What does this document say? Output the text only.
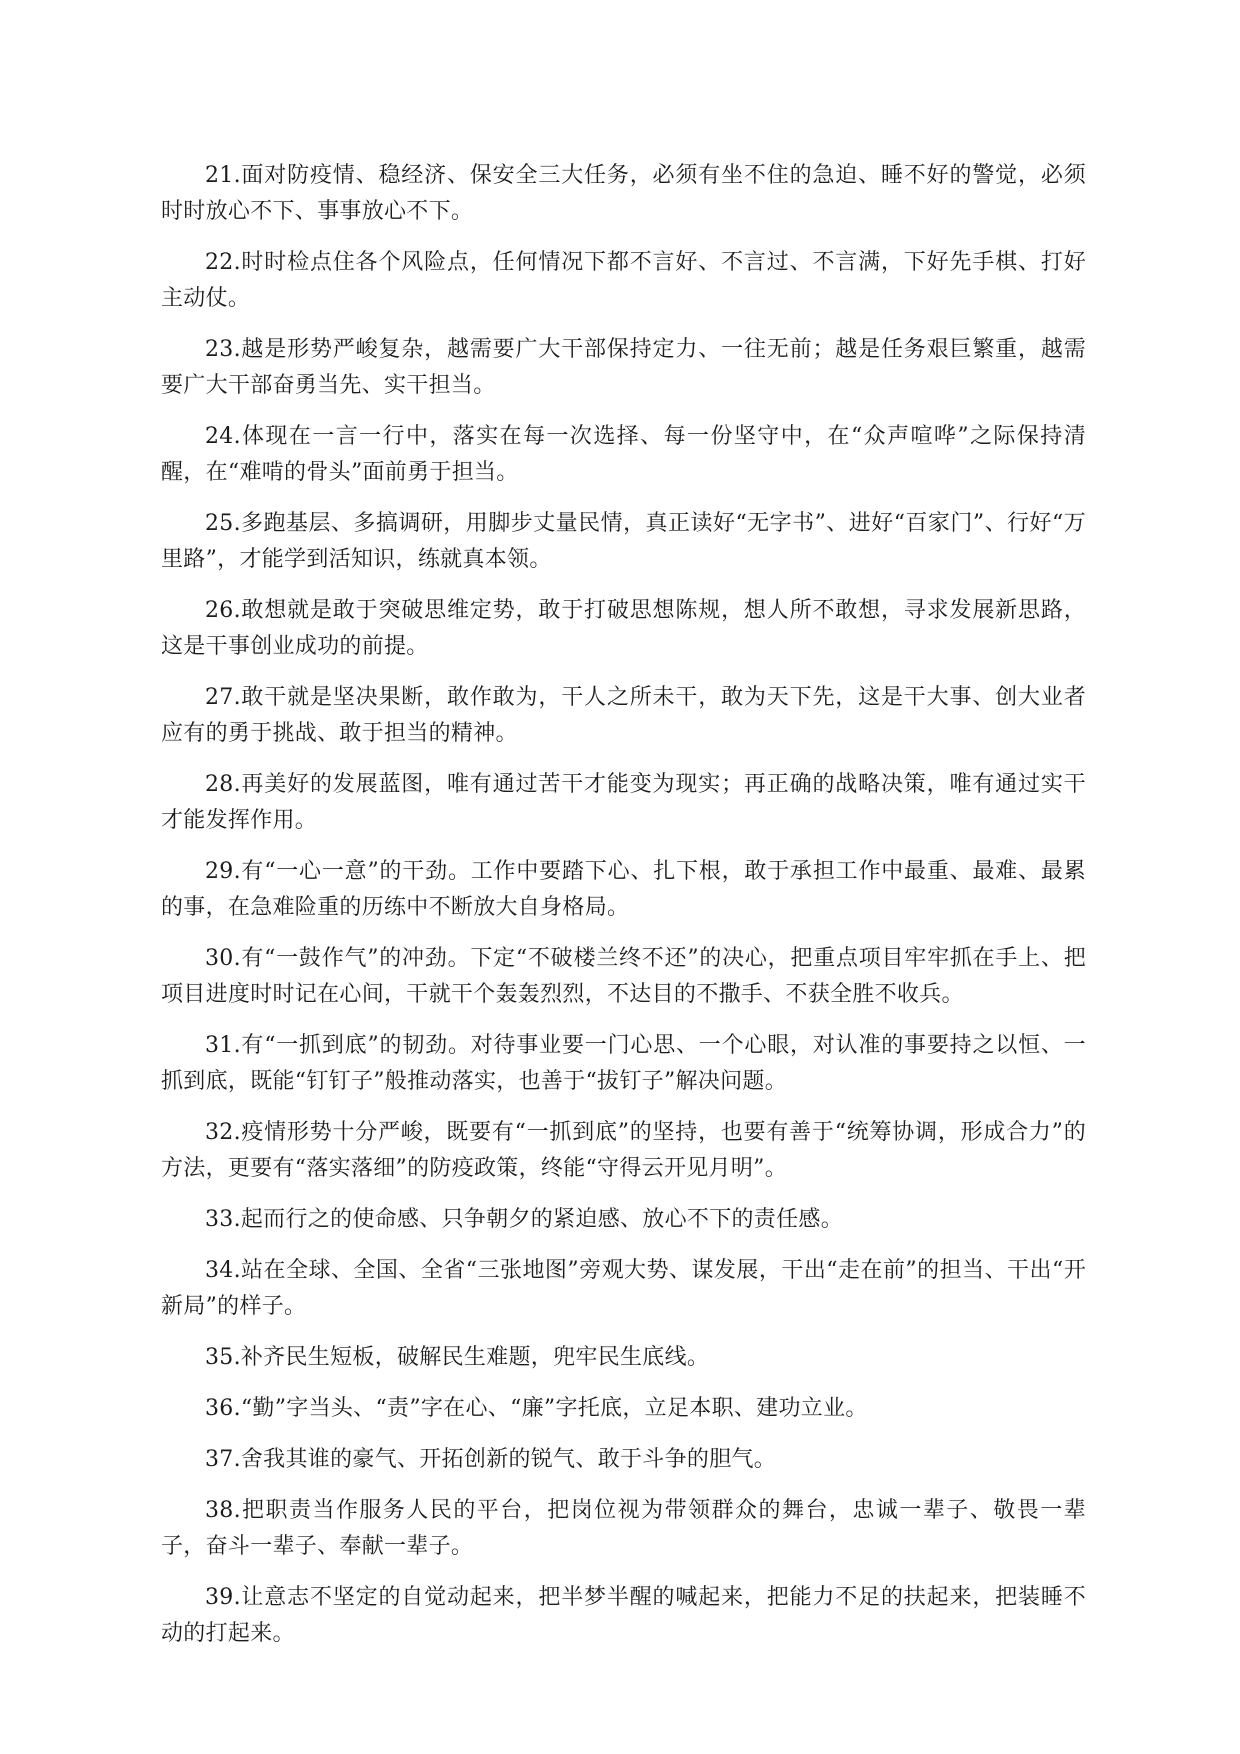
21.面对防疫情、稳经济、保安全三大任务，必须有坐不住的急迫、睡不好的警觉，必须时时放心不下、事事放心不下。

22.时时检点住各个风险点，任何情况下都不言好、不言过、不言满，下好先手棋、打好主动仗。

23.越是形势严峻复杂，越需要广大干部保持定力、一往无前；越是任务艰巨繁重，越需要广大干部奋勇当先、实干担当。

24.体现在一言一行中，落实在每一次选择、每一份坚守中，在“众声喧哗”之际保持清醒，在“难啃的骨头”面前勇于担当。

25.多跑基层、多搞调研，用脚步丈量民情，真正读好“无字书”、进好“百家门”、行好“万里路”，才能学到活知识，练就真本领。

26.敢想就是敢于突破思维定势，敢于打破思想陈规，想人所不敢想，寻求发展新思路，这是干事创业成功的前提。

27.敢干就是坚决果断，敢作敢为，干人之所未干，敢为天下先，这是干大事、创大业者应有的勇于挑战、敢于担当的精神。

28.再美好的发展蓝图，唯有通过苦干才能变为现实；再正确的战略决策，唯有通过实干才能发挥作用。

29.有“一心一意”的干劲。工作中要踏下心、扎下根，敢于承担工作中最重、最难、最累的事，在急难险重的历练中不断放大自身格局。

30.有“一鼓作气”的冲劲。下定“不破楼兰终不还”的决心，把重点项目牢牢抓在手上、把项目进度时时记在心间，干就干个轰轰烈烈，不达目的不撒手、不获全胜不收兵。

31.有“一抓到底”的韧劲。对待事业要一门心思、一个心眼，对认准的事要持之以恒、一抓到底，既能“钉钉子”般推动落实，也善于“拔钉子”解决问题。

32.疫情形势十分严峻，既要有“一抓到底”的坚持，也要有善于“统筹协调，形成合力”的方法，更要有“落实落细”的防疫政策，终能“守得云开见月明”。

33.起而行之的使命感、只争朝夕的紧迫感、放心不下的责任感。

34.站在全球、全国、全省“三张地图”旁观大势、谋发展，干出“走在前”的担当、干出“开新局”的样子。

35.补齐民生短板，破解民生难题，兜牢民生底线。

36.“勤”字当头、“责”字在心、“廉”字托底，立足本职、建功立业。

37.舍我其谁的豪气、开拓创新的锐气、敢于斗争的胆气。

38.把职责当作服务人民的平台，把岗位视为带领群众的舞台，忠诚一辈子、敬畏一辈子，奋斗一辈子、奉献一辈子。

39.让意志不坚定的自觉动起来，把半梦半醒的喊起来，把能力不足的扶起来，把装睡不动的打起来。
